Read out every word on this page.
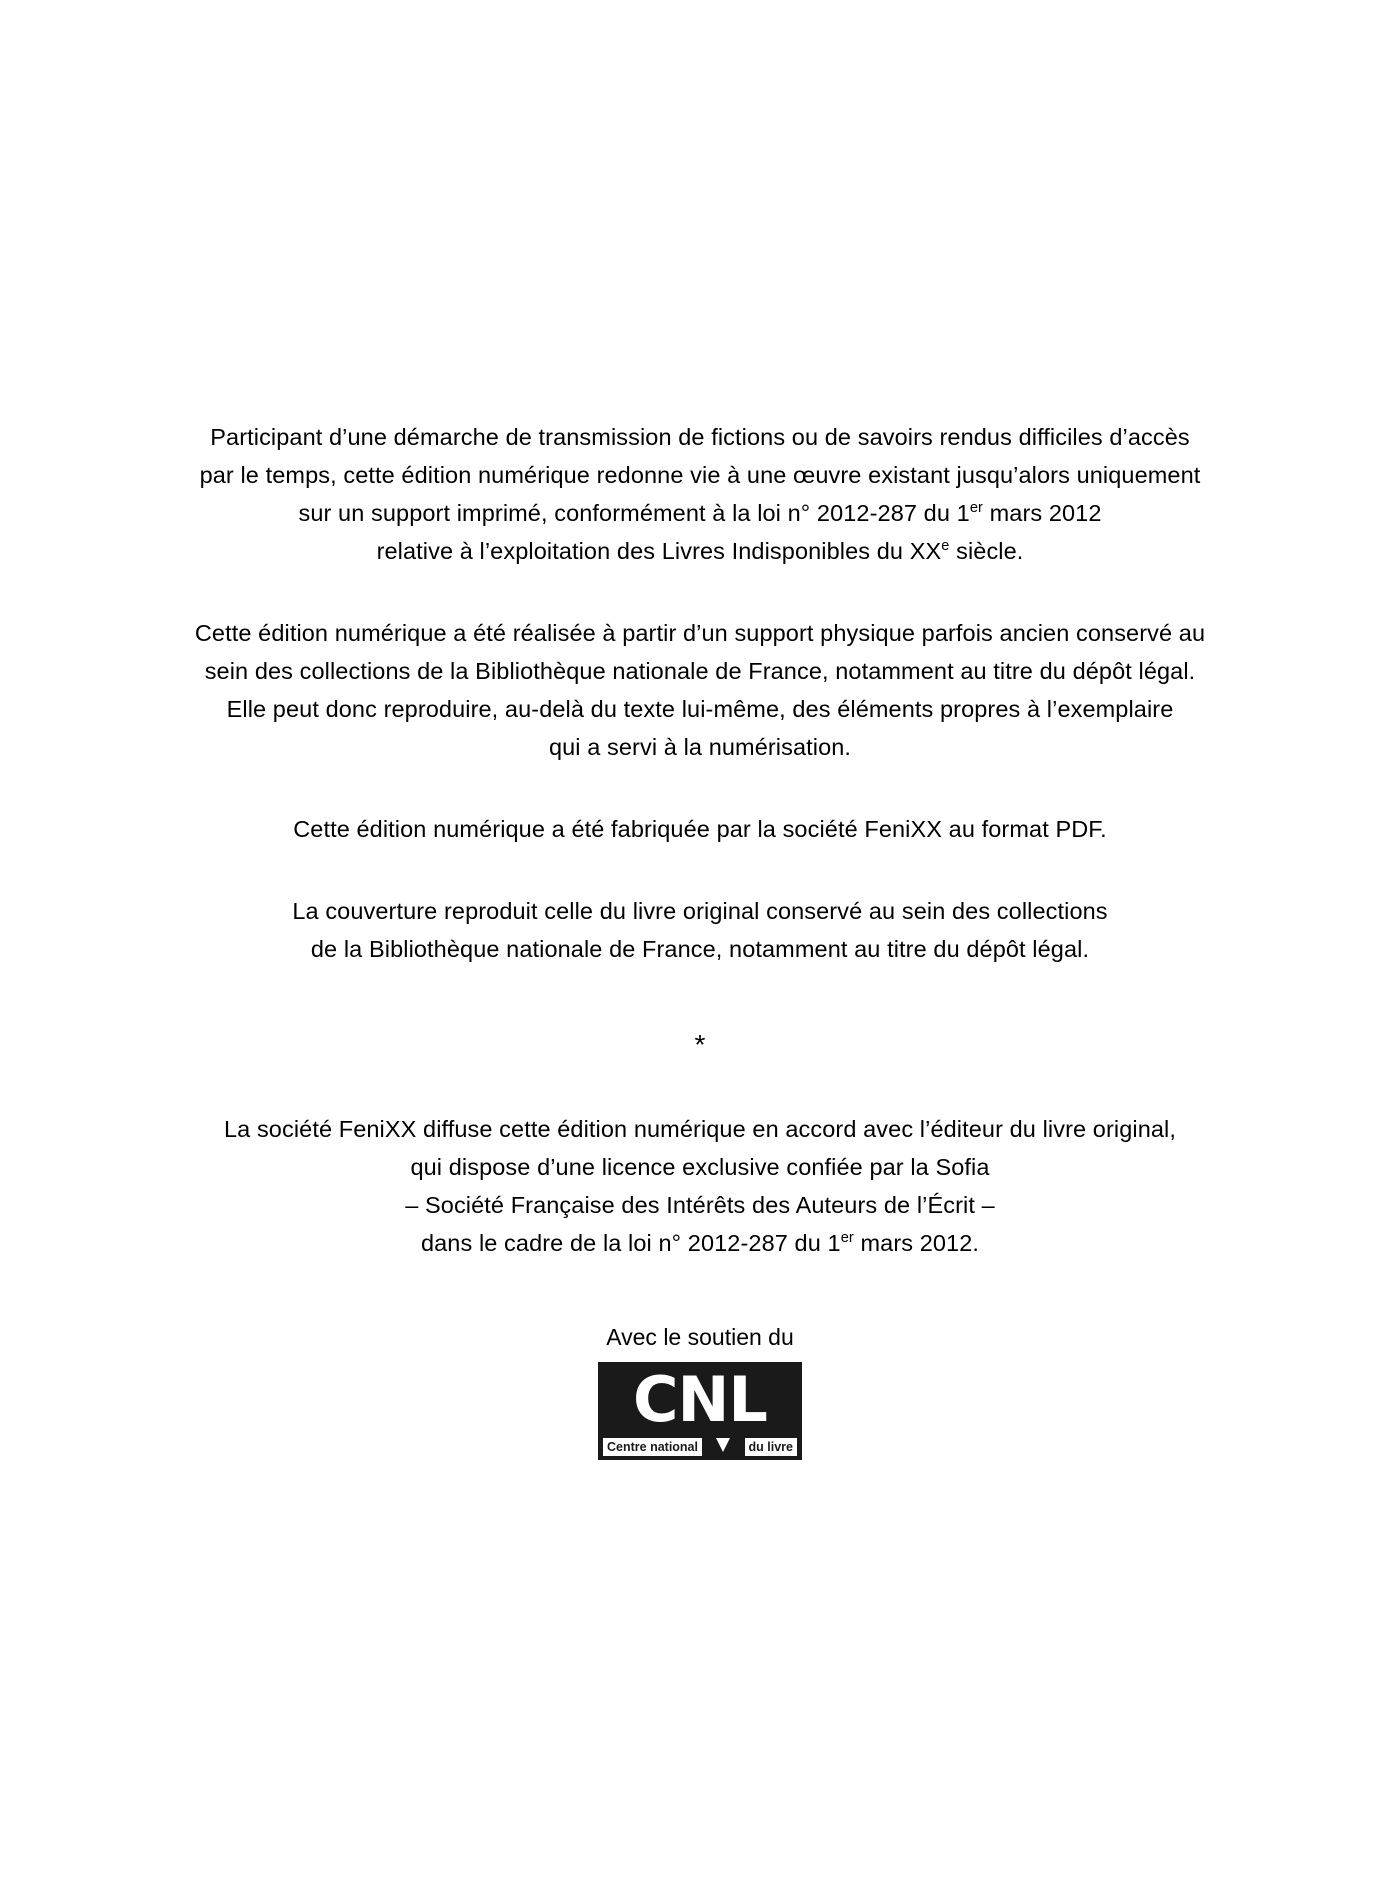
Participant d’une démarche de transmission de fictions ou de savoirs rendus difficiles d’accès
par le temps, cette édition numérique redonne vie à une œuvre existant jusqu’alors uniquement
sur un support imprimé, conformément à la loi n° 2012-287 du 1er mars 2012
relative à l’exploitation des Livres Indisponibles du XXe siècle.

Cette édition numérique a été réalisée à partir d’un support physique parfois ancien conservé au
sein des collections de la Bibliothèque nationale de France, notamment au titre du dépôt légal.
Elle peut donc reproduire, au-delà du texte lui-même, des éléments propres à l’exemplaire
qui a servi à la numérisation.

Cette édition numérique a été fabriquée par la société FeniXX au format PDF.

La couverture reproduit celle du livre original conservé au sein des collections
de la Bibliothèque nationale de France, notamment au titre du dépôt légal.

*

La société FeniXX diffuse cette édition numérique en accord avec l’éditeur du livre original,
qui dispose d’une licence exclusive confiée par la Sofia
– Société Française des Intérêts des Auteurs de l’Écrit –
dans le cadre de la loi n° 2012-287 du 1er mars 2012.

Avec le soutien du

CNL
Centre national	du livre
